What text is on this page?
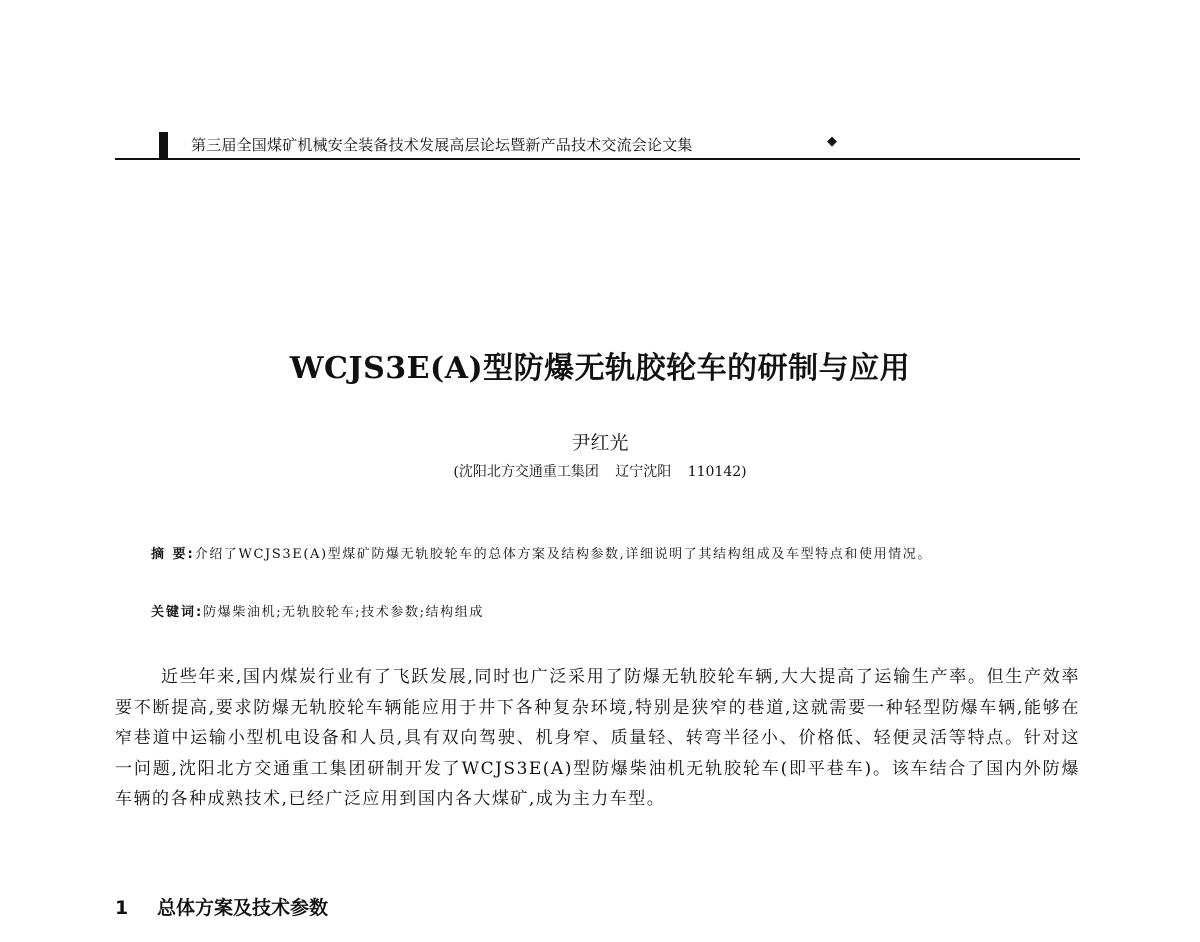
第三届全国煤矿机械安全装备技术发展高层论坛暨新产品技术交流会论文集	◆
WCJS3E(A)型防爆无轨胶轮车的研制与应用
尹红光
(沈阳北方交通重工集团 辽宁沈阳 110142)
摘 要:介绍了WCJS3E(A)型煤矿防爆无轨胶轮车的总体方案及结构参数,详细说明了其结构组成及车型特点和使用情况。
关键词:防爆柴油机;无轨胶轮车;技术参数;结构组成
近些年来,国内煤炭行业有了飞跃发展,同时也广泛采用了防爆无轨胶轮车辆,大大提高了运输生产率。但生产效率要不断提高,要求防爆无轨胶轮车辆能应用于井下各种复杂环境,特别是狭窄的巷道,这就需要一种轻型防爆车辆,能够在窄巷道中运输小型机电设备和人员,具有双向驾驶、机身窄、质量轻、转弯半径小、价格低、轻便灵活等特点。针对这一问题,沈阳北方交通重工集团研制开发了WCJS3E(A)型防爆柴油机无轨胶轮车(即平巷车)。该车结合了国内外防爆车辆的各种成熟技术,已经广泛应用到国内各大煤矿,成为主力车型。
1 总体方案及技术参数
